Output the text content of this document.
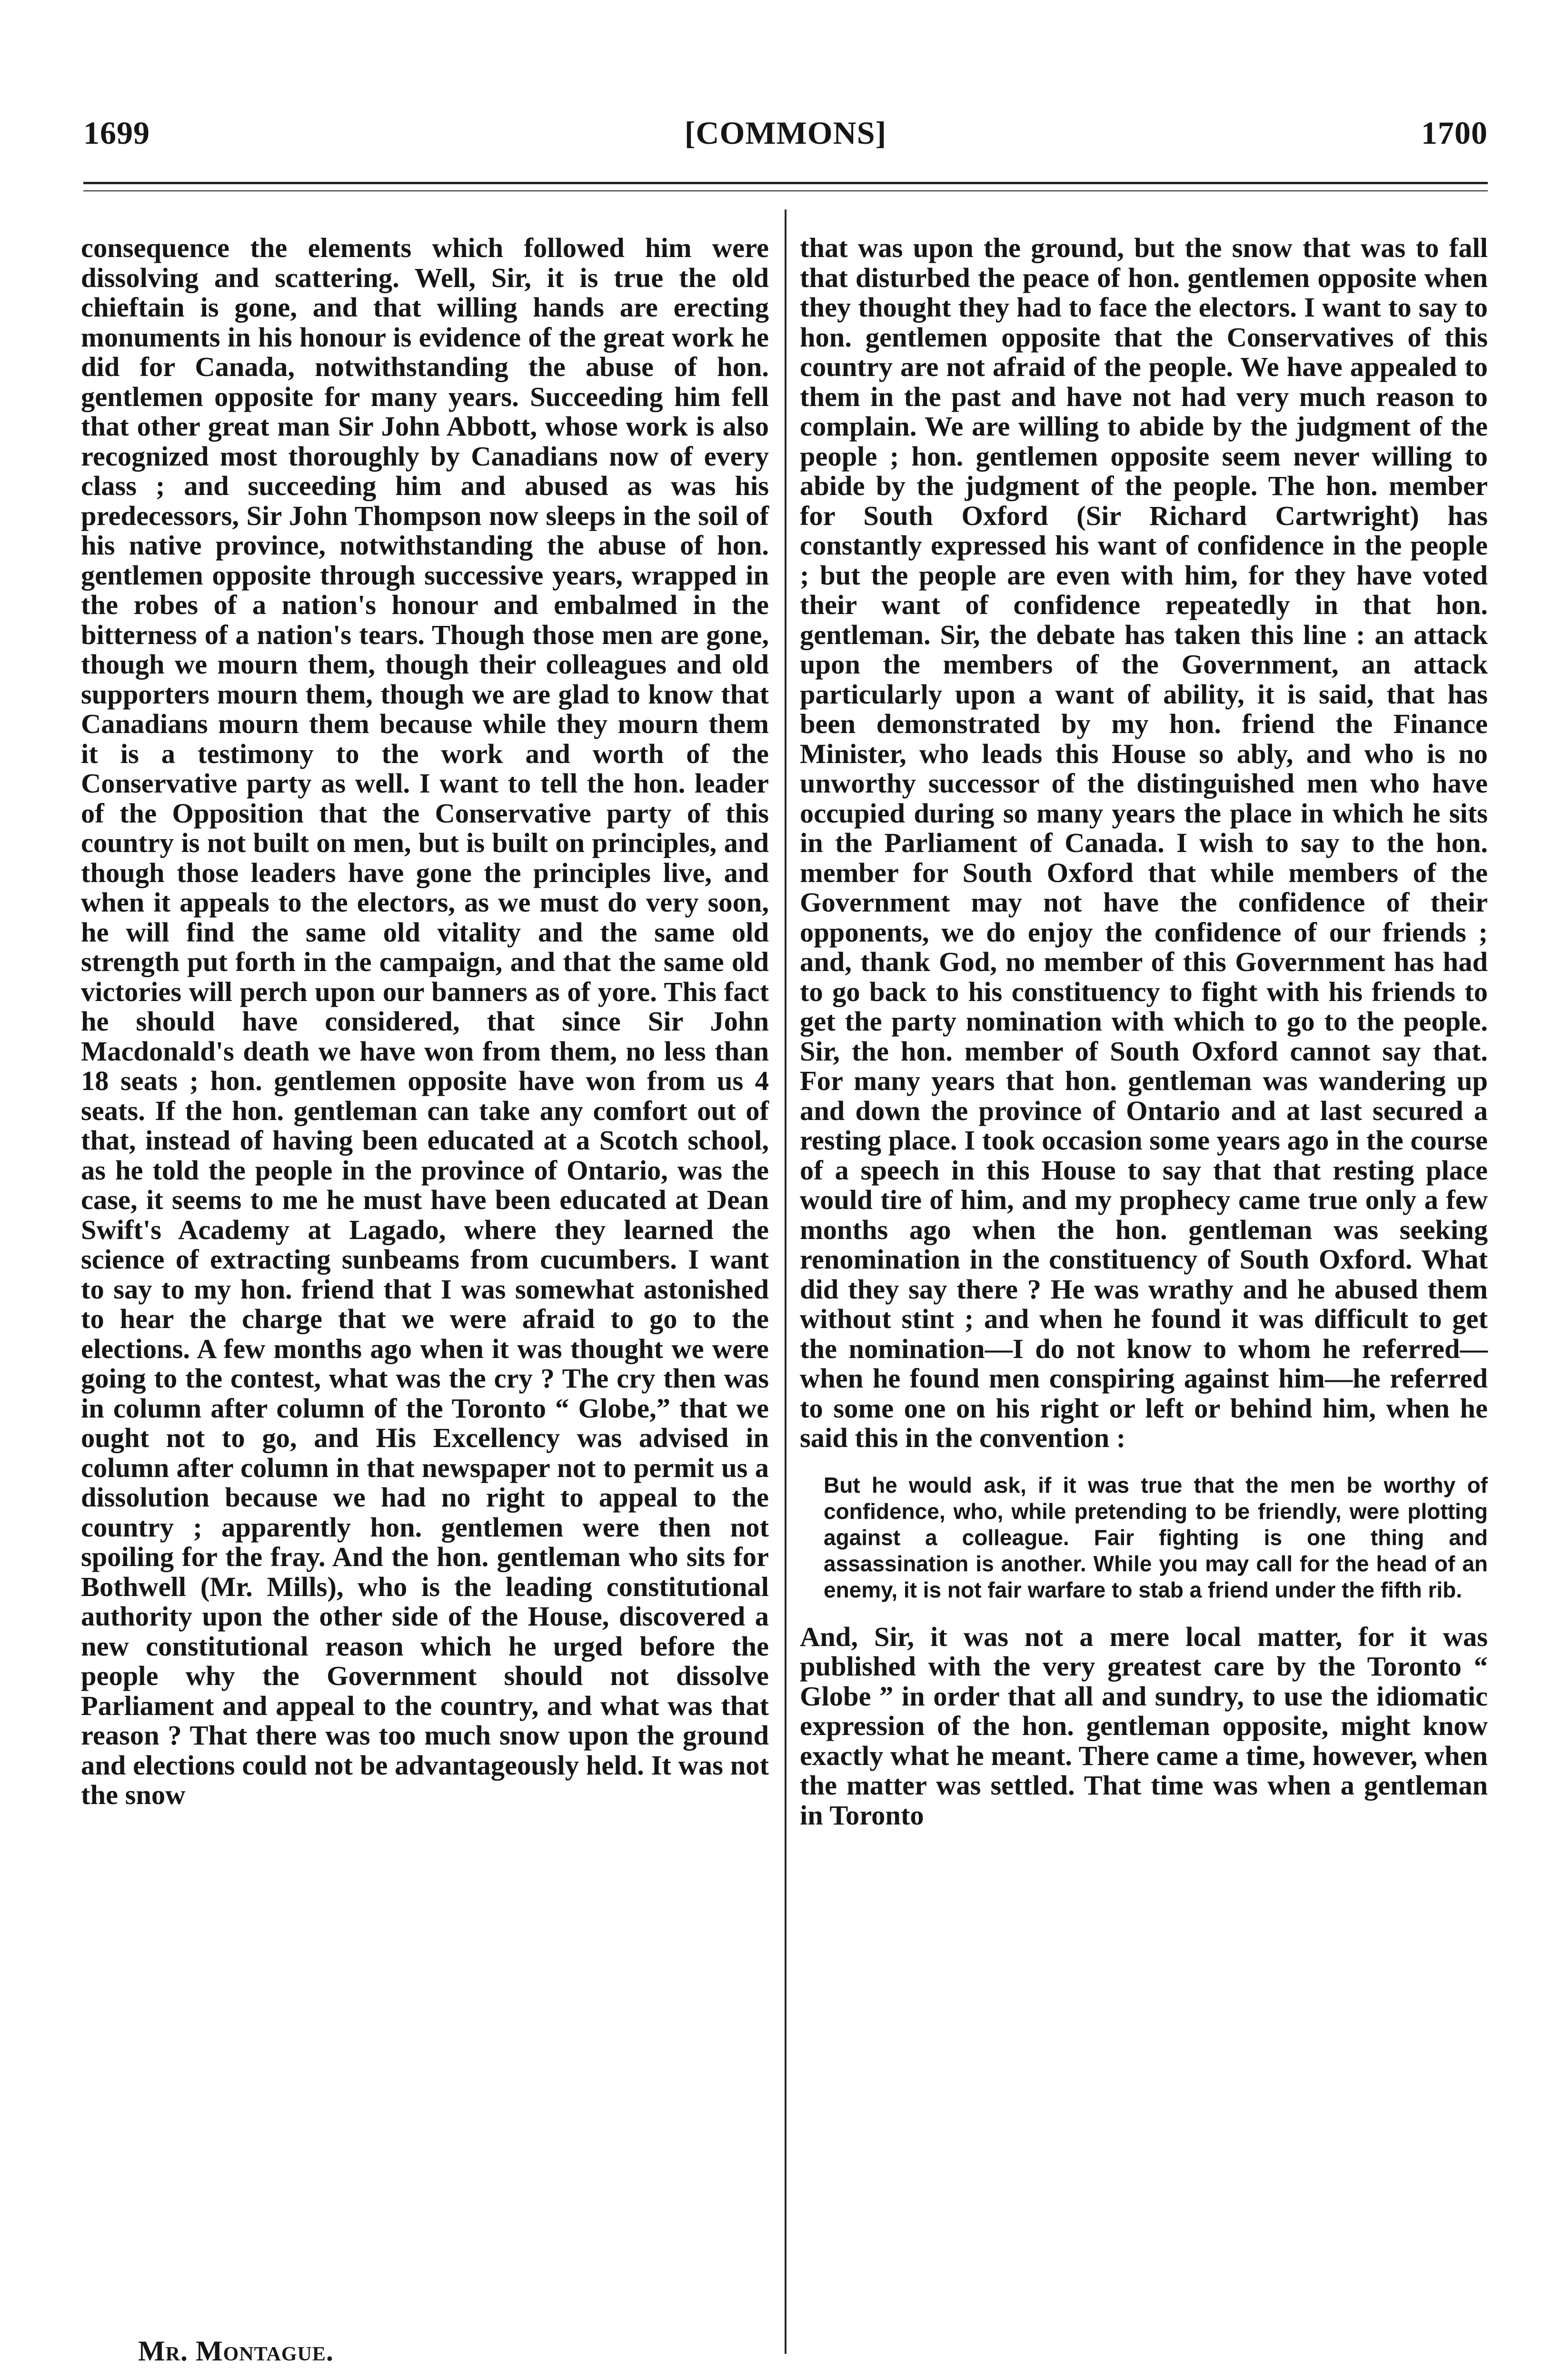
1699	[COMMONS]	1700

consequence the elements which followed him were dissolving and scattering. Well, Sir, it is true the old chieftain is gone, and that willing hands are erecting monuments in his honour is evidence of the great work he did for Canada, notwithstanding the abuse of hon. gentlemen opposite for many years. Succeeding him fell that other great man Sir John Abbott, whose work is also recognized most thoroughly by Canadians now of every class ; and succeeding him and abused as was his predecessors, Sir John Thompson now sleeps in the soil of his native province, notwithstanding the abuse of hon. gentlemen opposite through successive years, wrapped in the robes of a nation's honour and embalmed in the bitterness of a nation's tears. Though those men are gone, though we mourn them, though their colleagues and old supporters mourn them, though we are glad to know that Canadians mourn them because while they mourn them it is a testimony to the work and worth of the Conservative party as well. I want to tell the hon. leader of the Opposition that the Conservative party of this country is not built on men, but is built on principles, and though those leaders have gone the principles live, and when it appeals to the electors, as we must do very soon, he will find the same old vitality and the same old strength put forth in the campaign, and that the same old victories will perch upon our banners as of yore. This fact he should have considered, that since Sir John Macdonald's death we have won from them, no less than 18 seats ; hon. gentlemen opposite have won from us 4 seats. If the hon. gentleman can take any comfort out of that, instead of having been educated at a Scotch school, as he told the people in the province of Ontario, was the case, it seems to me he must have been educated at Dean Swift's Academy at Lagado, where they learned the science of extracting sunbeams from cucumbers. I want to say to my hon. friend that I was somewhat astonished to hear the charge that we were afraid to go to the elections. A few months ago when it was thought we were going to the contest, what was the cry ? The cry then was in column after column of the Toronto “ Globe,” that we ought not to go, and His Excellency was advised in column after column in that newspaper not to permit us a dissolution because we had no right to appeal to the country ; apparently hon. gentlemen were then not spoiling for the fray. And the hon. gentleman who sits for Bothwell (Mr. Mills), who is the leading constitutional authority upon the other side of the House, discovered a new constitutional reason which he urged before the people why the Government should not dissolve Parliament and appeal to the country, and what was that reason ? That there was too much snow upon the ground and elections could not be advantageously held. It was not the snow

that was upon the ground, but the snow that was to fall that disturbed the peace of hon. gentlemen opposite when they thought they had to face the electors. I want to say to hon. gentlemen opposite that the Conservatives of this country are not afraid of the people. We have appealed to them in the past and have not had very much reason to complain. We are willing to abide by the judgment of the people ; hon. gentlemen opposite seem never willing to abide by the judgment of the people. The hon. member for South Oxford (Sir Richard Cartwright) has constantly expressed his want of confidence in the people ; but the people are even with him, for they have voted their want of confidence repeatedly in that hon. gentleman. Sir, the debate has taken this line : an attack upon the members of the Government, an attack particularly upon a want of ability, it is said, that has been demonstrated by my hon. friend the Finance Minister, who leads this House so ably, and who is no unworthy successor of the distinguished men who have occupied during so many years the place in which he sits in the Parliament of Canada. I wish to say to the hon. member for South Oxford that while members of the Government may not have the confidence of their opponents, we do enjoy the confidence of our friends ; and, thank God, no member of this Government has had to go back to his constituency to fight with his friends to get the party nomination with which to go to the people. Sir, the hon. member of South Oxford cannot say that. For many years that hon. gentleman was wandering up and down the province of Ontario and at last secured a resting place. I took occasion some years ago in the course of a speech in this House to say that that resting place would tire of him, and my prophecy came true only a few months ago when the hon. gentleman was seeking renomination in the constituency of South Oxford. What did they say there ? He was wrathy and he abused them without stint ; and when he found it was difficult to get the nomination—I do not know to whom he referred—when he found men conspiring against him—he referred to some one on his right or left or behind him, when he said this in the convention :

But he would ask, if it was true that the men be worthy of confidence, who, while pretending to be friendly, were plotting against a colleague. Fair fighting is one thing and assassination is another. While you may call for the head of an enemy, it is not fair warfare to stab a friend under the fifth rib.

And, Sir, it was not a mere local matter, for it was published with the very greatest care by the Toronto “ Globe ” in order that all and sundry, to use the idiomatic expression of the hon. gentleman opposite, might know exactly what he meant. There came a time, however, when the matter was settled. That time was when a gentleman in Toronto

Mr. Montague.
